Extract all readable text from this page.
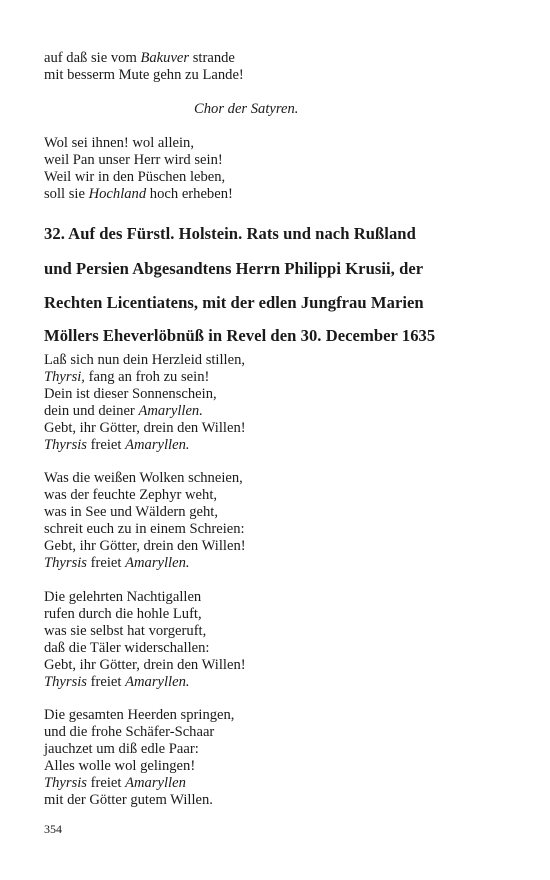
auf daß sie vom Bakuver strande
mit besserm Mute gehn zu Lande!
Chor der Satyren.
Wol sei ihnen! wol allein,
weil Pan unser Herr wird sein!
Weil wir in den Püschen leben,
soll sie Hochland hoch erheben!
32. Auf des Fürstl. Holstein. Rats und nach Rußland
und Persien Abgesandtens Herrn Philippi Krusii, der
Rechten Licentiatens, mit der edlen Jungfrau Marien
Möllers Eheverlöbnüß in Revel den 30. December 1635
Laß sich nun dein Herzleid stillen,
Thyrsi, fang an froh zu sein!
Dein ist dieser Sonnenschein,
dein und deiner Amaryllen.
Gebt, ihr Götter, drein den Willen!
Thyrsis freiet Amaryllen.
Was die weißen Wolken schneien,
was der feuchte Zephyr weht,
was in See und Wäldern geht,
schreit euch zu in einem Schreien:
Gebt, ihr Götter, drein den Willen!
Thyrsis freiet Amaryllen.
Die gelehrten Nachtigallen
rufen durch die hohle Luft,
was sie selbst hat vorgeruft,
daß die Täler widerschallen:
Gebt, ihr Götter, drein den Willen!
Thyrsis freiet Amaryllen.
Die gesamten Heerden springen,
und die frohe Schäfer-Schaar
jauchzet um diß edle Paar:
Alles wolle wol gelingen!
Thyrsis freiet Amaryllen
mit der Götter gutem Willen.
354
